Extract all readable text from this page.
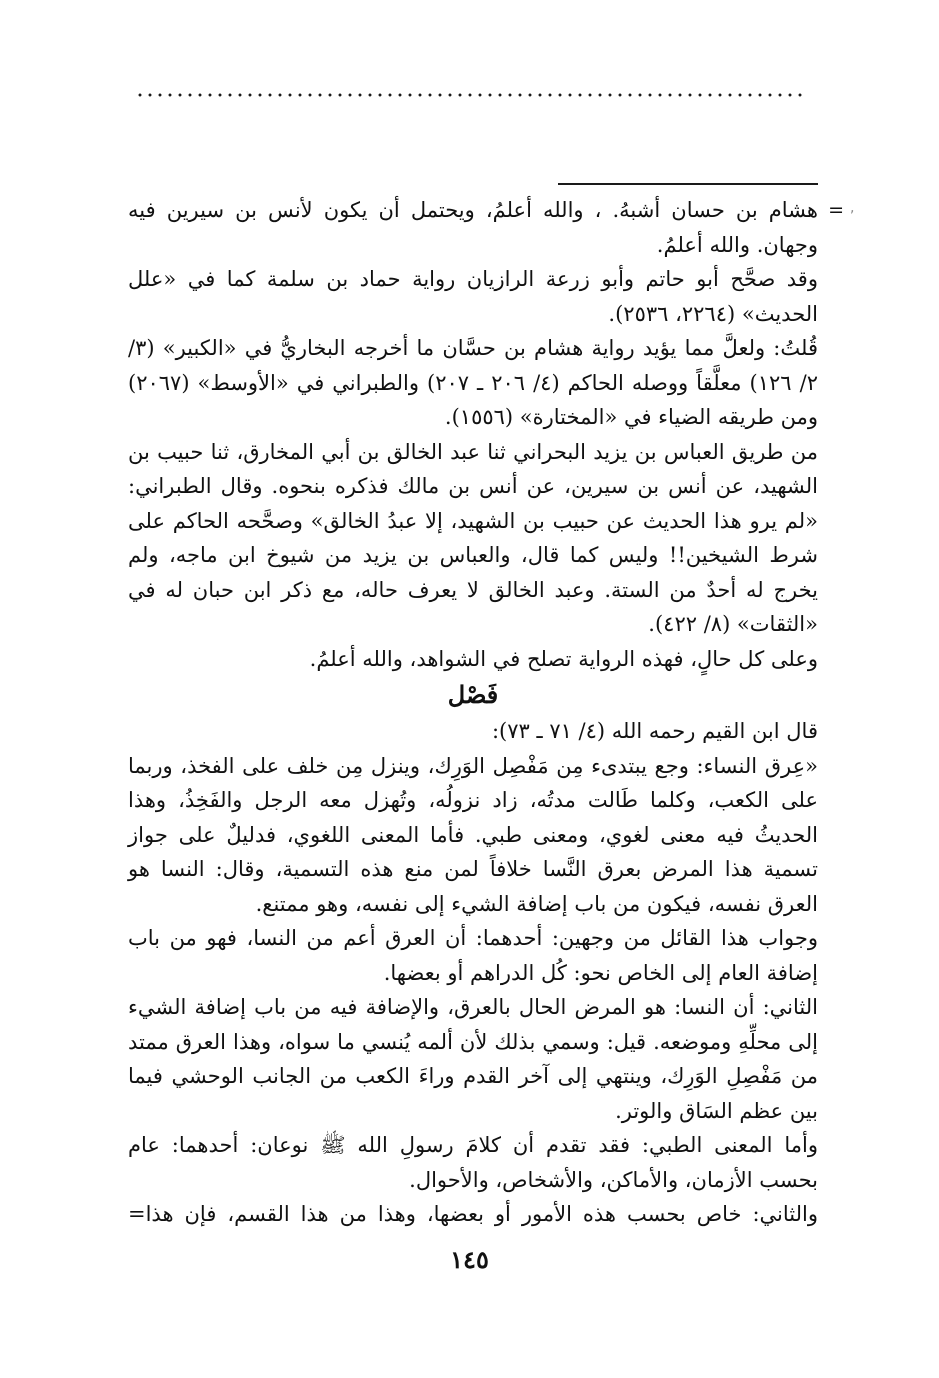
,
=

هشام بن حسان أشبهُ. ، والله أعلمُ، ويحتمل أن يكون لأنس بن سيرين فيه وجهان. والله أعلمُ.

وقد صحَّح أبو حاتم وأبو زرعة الرازيان رواية حماد بن سلمة كما في «علل الحديث» (٢٢٦٤، ٢٥٣٦).

قُلتُ: ولعلَّ مما يؤيد رواية هشام بن حسَّان ما أخرجه البخاريُّ في «الكبير» (٣/ ٢/ ١٢٦) معلَّقاً ووصله الحاكم (٤/ ٢٠٦ ـ ٢٠٧) والطبراني في «الأوسط» (٢٠٦٧) ومن طريقه الضياء في «المختارة» (١٥٥٦).

من طريق العباس بن يزيد البحراني ثنا عبد الخالق بن أبي المخارق، ثنا حبيب بن الشهيد، عن أنس بن سيرين، عن أنس بن مالك فذكره بنحوه. وقال الطبراني: «لم يرو هذا الحديث عن حبيب بن الشهيد، إلا عبدُ الخالق» وصحَّحه الحاكم على شرط الشيخين!! وليس كما قال، والعباس بن يزيد من شيوخ ابن ماجه، ولم يخرج له أحدٌ من الستة. وعبد الخالق لا يعرف حاله، مع ذكر ابن حبان له في «الثقات» (٨/ ٤٢٢).

وعلى كل حالٍ، فهذه الرواية تصلح في الشواهد، والله أعلمُ.

فَصْل

قال ابن القيم رحمه الله (٤/ ٧١ ـ ٧٣):

«عِرق النساء: وجع يبتدىء مِن مَفْصِل الوَرِك، وينزل مِن خلف على الفخذ، وربما على الكعب، وكلما طَالت مدتُه، زاد نزولُه، وتُهزل معه الرجل والفَخِذُ، وهذا الحديثُ فيه معنى لغوي، ومعنى طبي. فأما المعنى اللغوي، فدليلٌ على جواز تسمية هذا المرض بعرق النَّسا خلافاً لمن منع هذه التسمية، وقال: النسا هو العرق نفسه، فيكون من باب إضافة الشيء إلى نفسه، وهو ممتنع.

وجواب هذا القائل من وجهين: أحدهما: أن العرق أعم من النسا، فهو من باب إضافة العام إلى الخاص نحو: كُل الدراهم أو بعضها.

الثاني: أن النسا: هو المرض الحال بالعرق، والإضافة فيه من باب إضافة الشيء إلى محلِّهِ وموضعه. قيل: وسمي بذلك لأن ألمه يُنسي ما سواه، وهذا العرق ممتد من مَفْصِلِ الوَرِك، وينتهي إلى آخر القدم وراءَ الكعب من الجانب الوحشي فيما بين عظم السَاق والوتر.

وأما المعنى الطبي: فقد تقدم أن كلامَ رسولِ الله ﷺ نوعان: أحدهما: عام بحسب الأزمان، والأماكن، والأشخاص، والأحوال.

والثاني: خاص بحسب هذه الأمور أو بعضها، وهذا من هذا القسم، فإن هذا=

١٤٥
